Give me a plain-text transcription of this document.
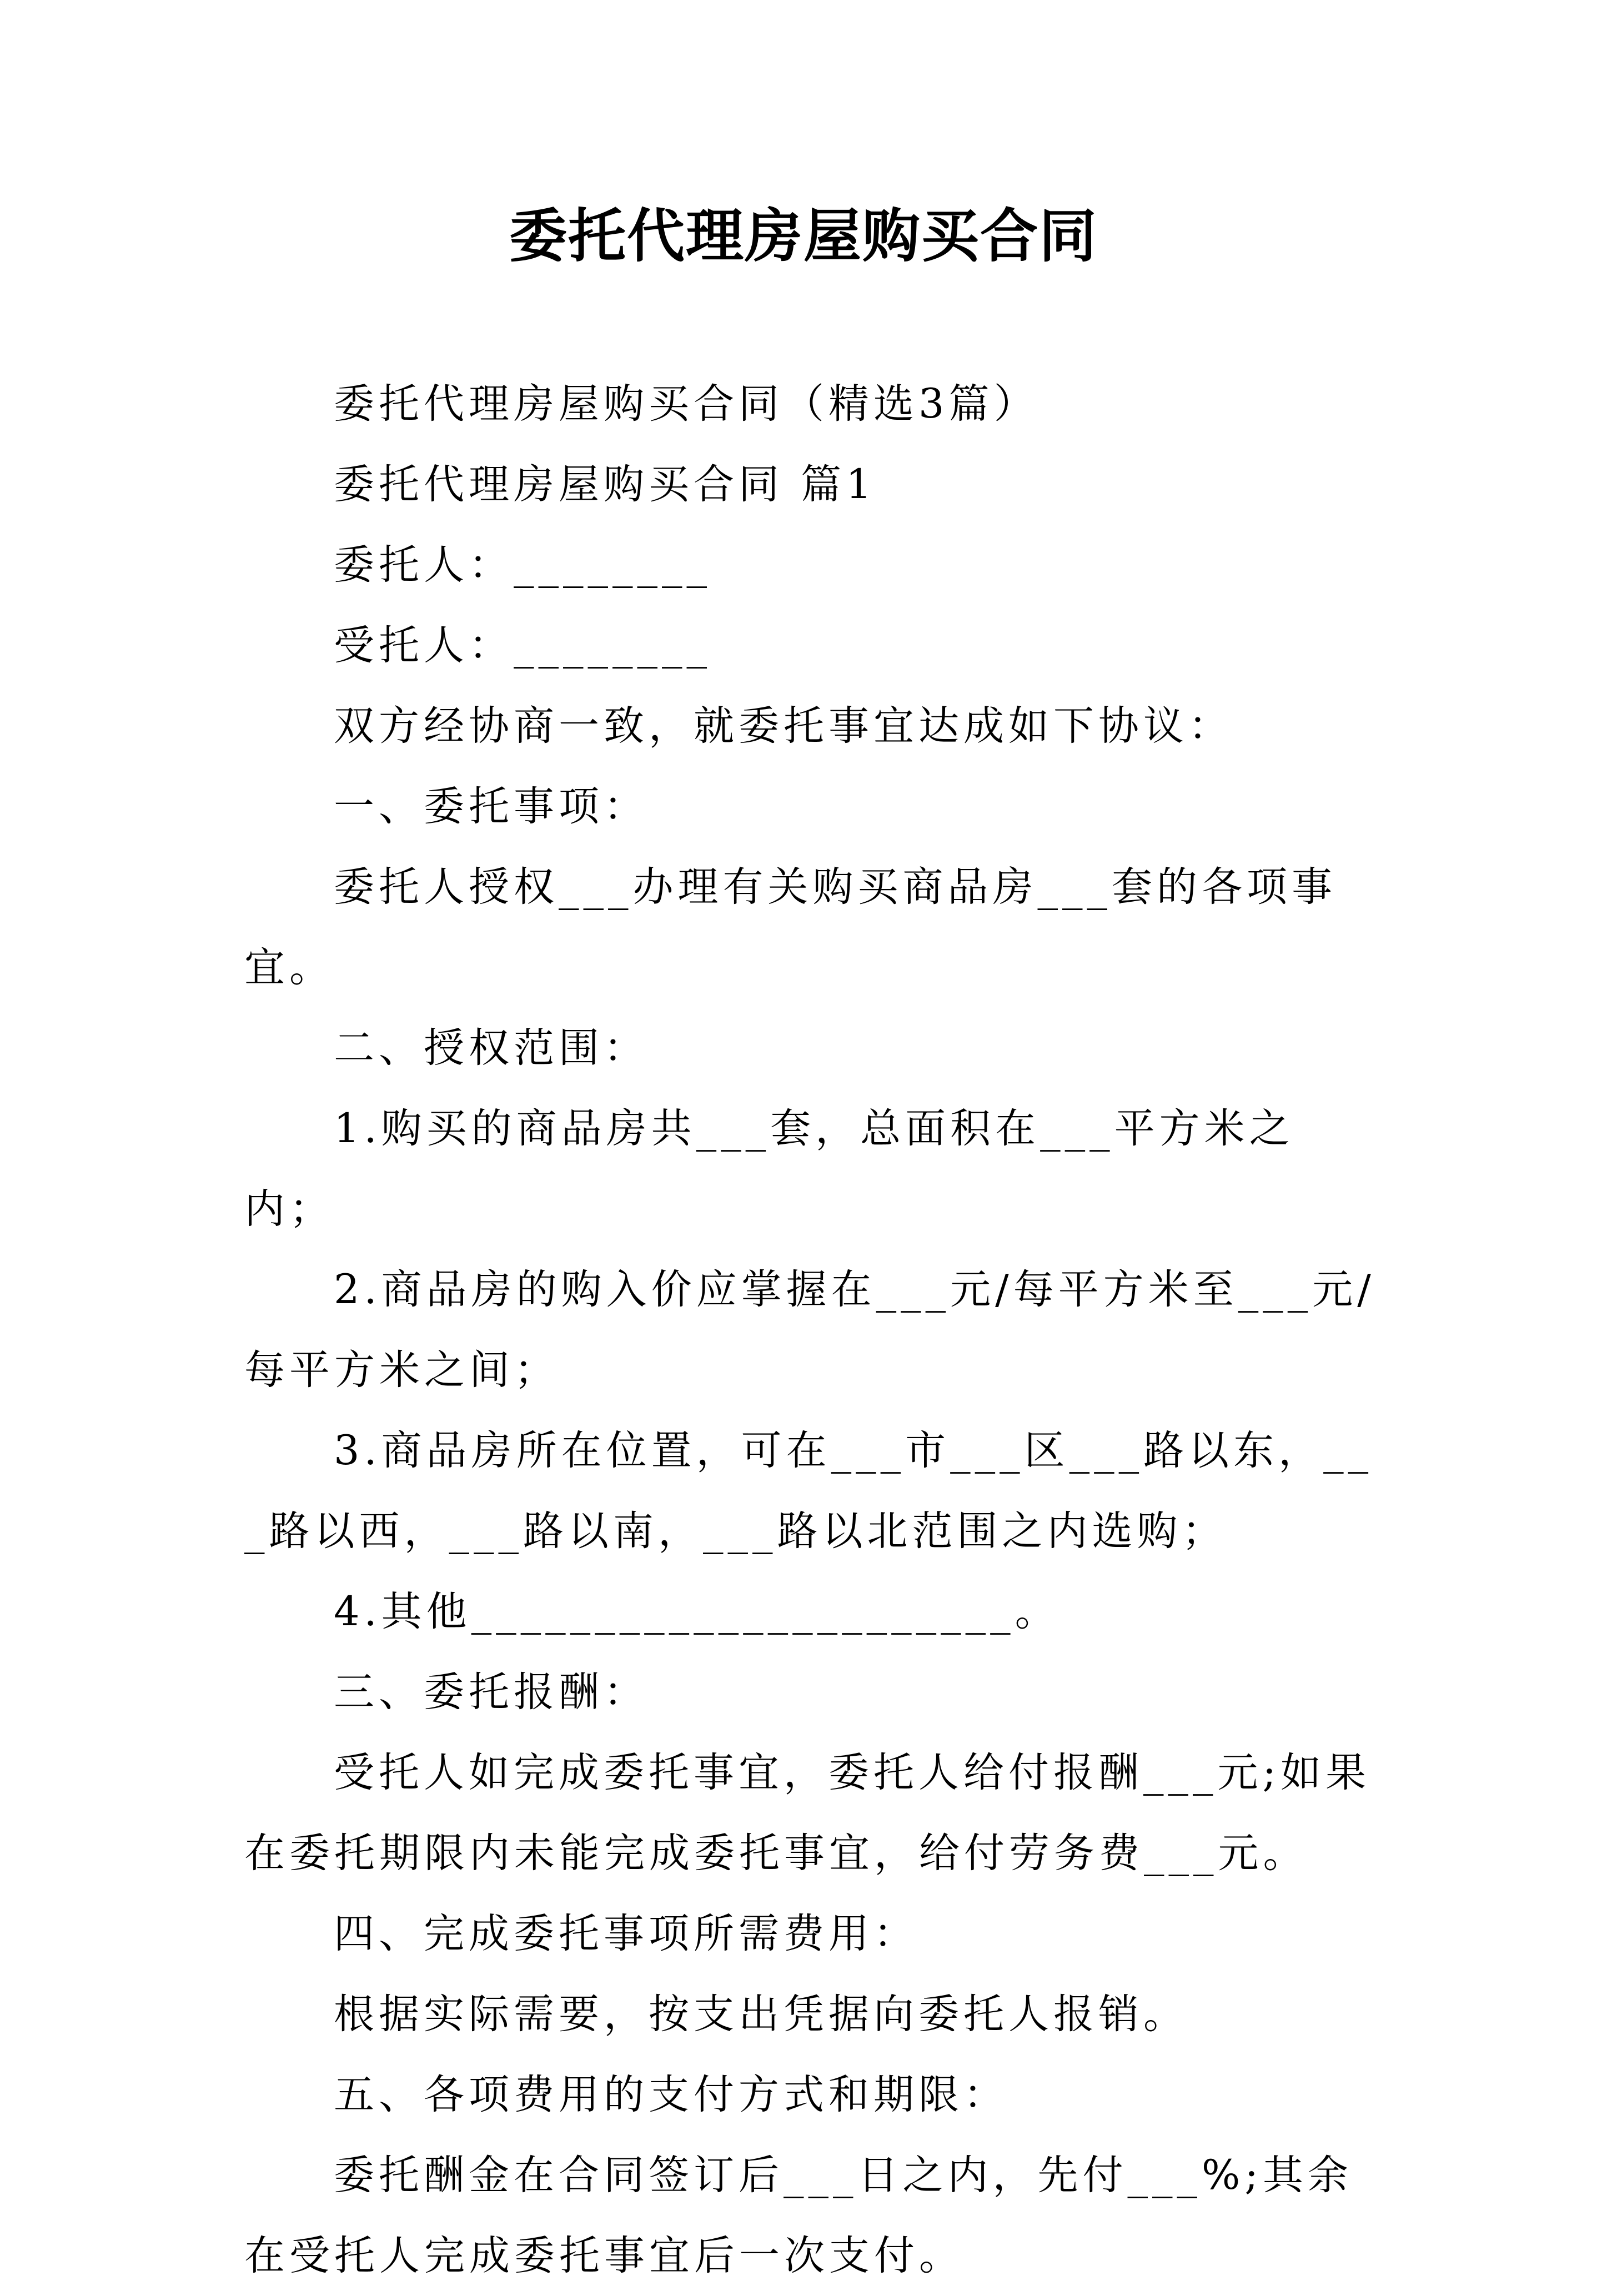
委托代理房屋购买合同

委托代理房屋购买合同（精选3篇）

委托代理房屋购买合同 篇1

委托人：________

受托人：________

双方经协商一致，就委托事宜达成如下协议：

一、委托事项：

委托人授权___办理有关购买商品房___套的各项事宜。

二、授权范围：

1.购买的商品房共___套，总面积在___平方米之内；

2.商品房的购入价应掌握在___元/每平方米至___元/每平方米之间；

3.商品房所在位置，可在___市___区___路以东，___路以西，___路以南，___路以北范围之内选购；

4.其他______________________。

三、委托报酬：

受托人如完成委托事宜，委托人给付报酬___元;如果在委托期限内未能完成委托事宜，给付劳务费___元。

四、完成委托事项所需费用：

根据实际需要，按支出凭据向委托人报销。

五、各项费用的支付方式和期限：

委托酬金在合同签订后___日之内，先付___%;其余在受托人完成委托事宜后一次支付。
